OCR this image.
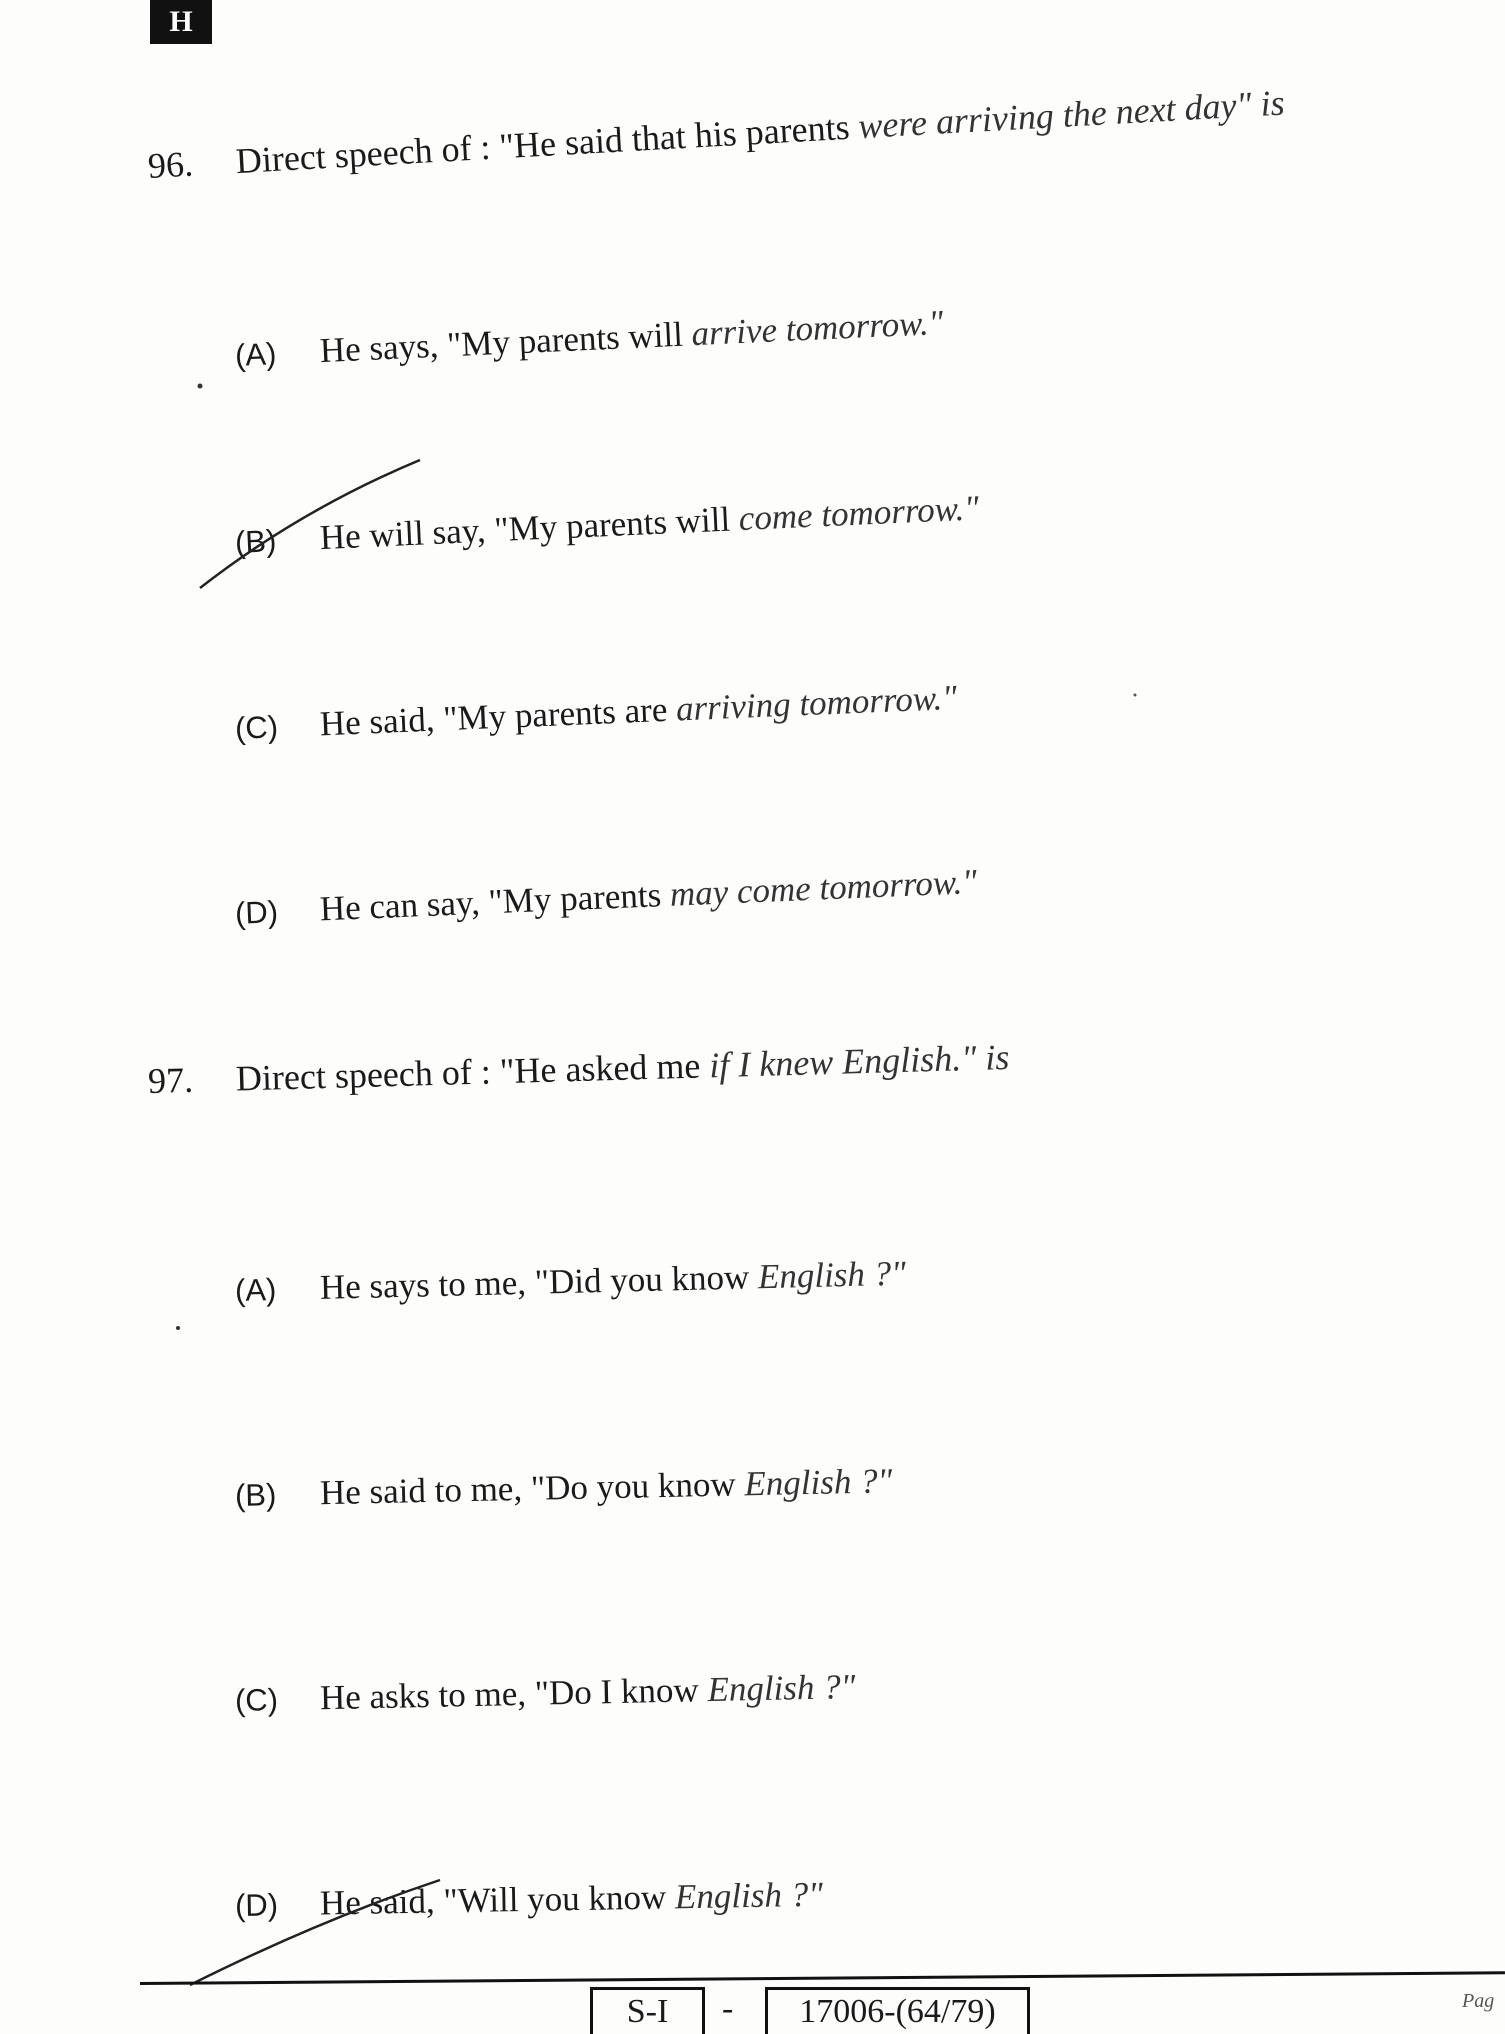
H
96. Direct speech of : "He said that his parents were arriving the next day" is
(A) He says, "My parents will arrive tomorrow."
(B) He will say, "My parents will come tomorrow."
(C) He said, "My parents are arriving tomorrow."
(D) He can say, "My parents may come tomorrow."
97. Direct speech of : "He asked me if I knew English." is
(A) He says to me, "Did you know English ?"
(B) He said to me, "Do you know English ?"
(C) He asks to me, "Do I know English ?"
(D) He said, "Will you know English ?"
S-I - 17006-(64/79)	Pag
